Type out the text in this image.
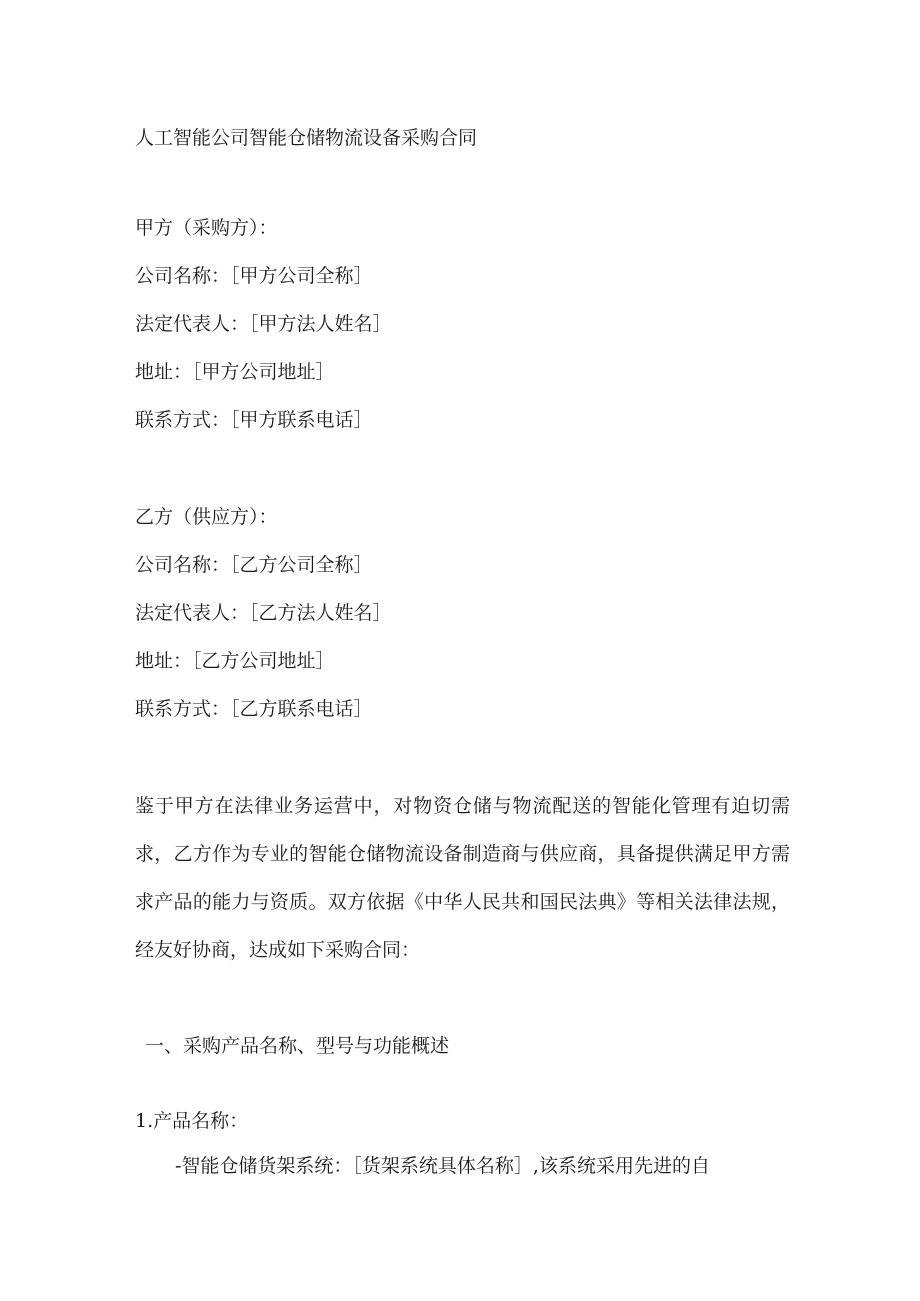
人工智能公司智能仓储物流设备采购合同
甲方（采购方）：
公司名称：［甲方公司全称］
法定代表人：［甲方法人姓名］
地址：［甲方公司地址］
联系方式：［甲方联系电话］
乙方（供应方）：
公司名称：［乙方公司全称］
法定代表人：［乙方法人姓名］
地址：［乙方公司地址］
联系方式：［乙方联系电话］

鉴于甲方在法律业务运营中，对物资仓储与物流配送的智能化管理有迫切需求，乙方作为专业的智能仓储物流设备制造商与供应商，具备提供满足甲方需求产品的能力与资质。双方依据《中华人民共和国民法典》等相关法律法规，经友好协商，达成如下采购合同：

一、采购产品名称、型号与功能概述
1.产品名称：
-智能仓储货架系统：［货架系统具体名称］,该系统采用先进的自
